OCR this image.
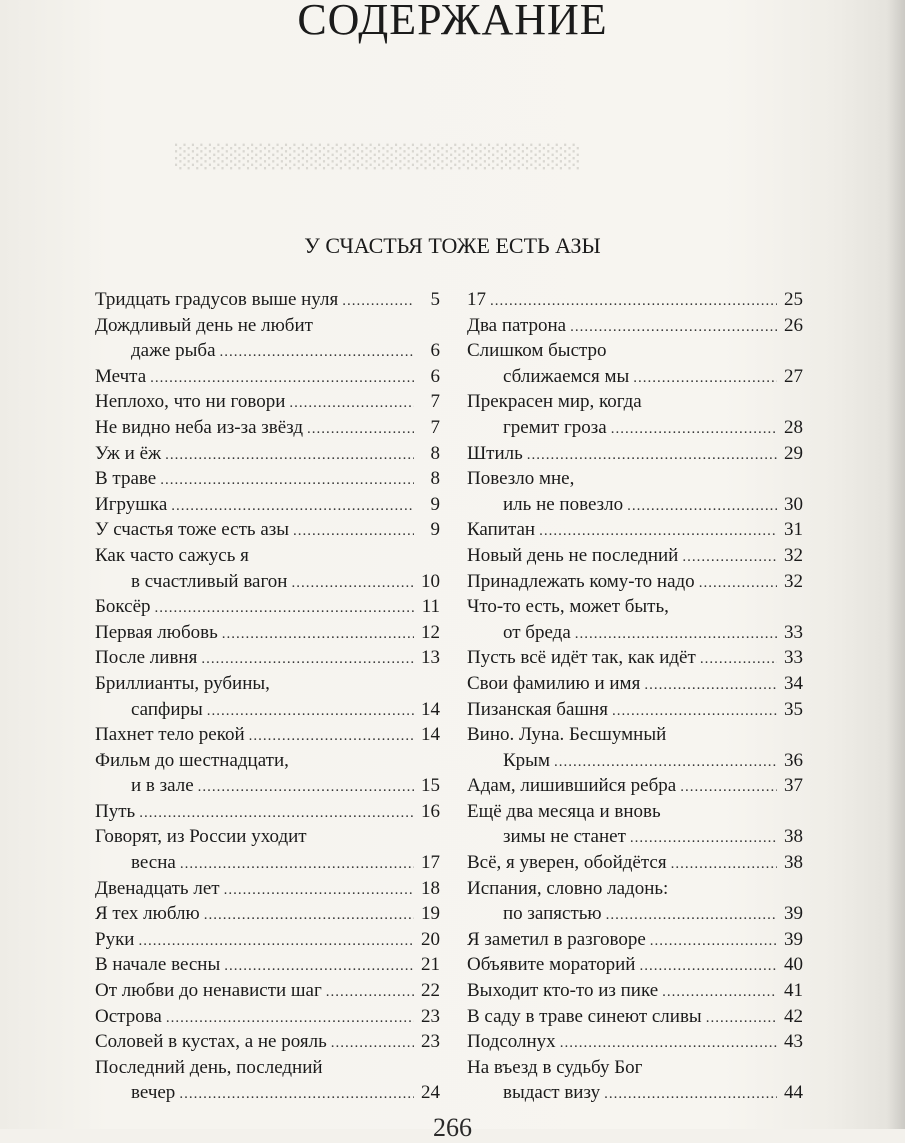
СОДЕРЖАНИЕ
░░░░░░░░░░░░░░░░░░░░░░░░
У СЧАСТЬЯ ТОЖЕ ЕСТЬ АЗЫ
Тридцать градусов выше нуля .....	5
Дождливый день не любит
даже рыба .....	6
Мечта .....	6
Неплохо, что ни говори .....	7
Не видно неба из-за звёзд .....	7
Уж и ёж .....	8
В траве .....	8
Игрушка .....	9
У счастья тоже есть азы .....	9
Как часто сажусь я
в счастливый вагон .....	10
Боксёр .....	11
Первая любовь .....	12
После ливня .....	13
Бриллианты, рубины,
сапфиры .....	14
Пахнет тело рекой .....	14
Фильм до шестнадцати,
и в зале .....	15
Путь .....	16
Говорят, из России уходит
весна .....	17
Двенадцать лет .....	18
Я тех люблю .....	19
Руки .....	20
В начале весны .....	21
От любви до ненависти шаг .....	22
Острова .....	23
Соловей в кустах, а не рояль .....	23
Последний день, последний
вечер .....	24
17 .....	25
Два патрона .....	26
Слишком быстро
сближаемся мы .....	27
Прекрасен мир, когда
гремит гроза .....	28
Штиль .....	29
Повезло мне,
иль не повезло .....	30
Капитан .....	31
Новый день не последний .....	32
Принадлежать кому-то надо .....	32
Что-то есть, может быть,
от бреда .....	33
Пусть всё идёт так, как идёт .....	33
Свои фамилию и имя .....	34
Пизанская башня .....	35
Вино. Луна. Бесшумный
Крым .....	36
Адам, лишившийся ребра .....	37
Ещё два месяца и вновь
зимы не станет .....	38
Всё, я уверен, обойдётся .....	38
Испания, словно ладонь:
по запястью .....	39
Я заметил в разговоре .....	39
Объявите мораторий .....	40
Выходит кто-то из пике .....	41
В саду в траве синеют сливы .....	42
Подсолнух .....	43
На въезд в судьбу Бог
выдаст визу .....	44
266
